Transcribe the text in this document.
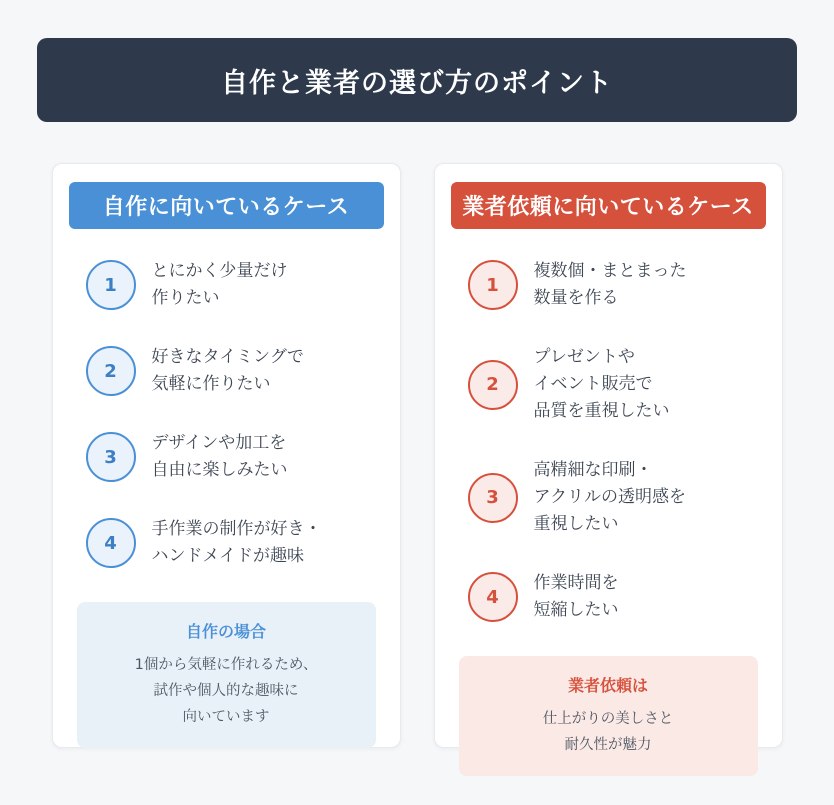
自作と業者の選び方のポイント
自作に向いているケース
1
とにかく少量だけ
作りたい
2
好きなタイミングで
気軽に作りたい
3
デザインや加工を
自由に楽しみたい
4
手作業の制作が好き・
ハンドメイドが趣味
自作の場合
1個から気軽に作れるため、
試作や個人的な趣味に
向いています
業者依頼に向いているケース
1
複数個・まとまった
数量を作る
2
プレゼントや
イベント販売で
品質を重視したい
3
高精細な印刷・
アクリルの透明感を
重視したい
4
作業時間を
短縮したい
業者依頼は
仕上がりの美しさと
耐久性が魅力
